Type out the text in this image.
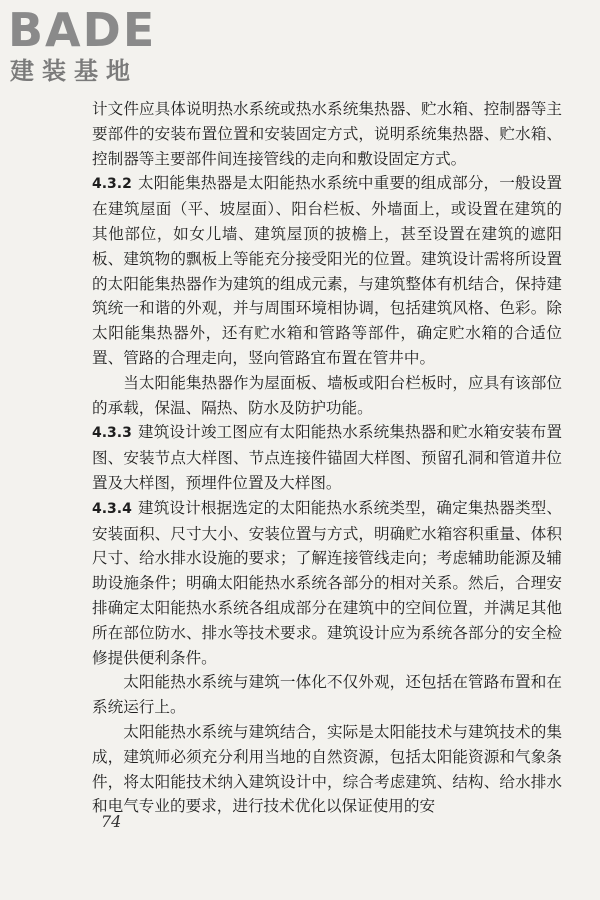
BADE
建装基地

计文件应具体说明热水系统或热水系统集热器、贮水箱、控制器等主要部件的安装布置位置和安装固定方式，说明系统集热器、贮水箱、控制器等主要部件间连接管线的走向和敷设固定方式。

4.3.2 太阳能集热器是太阳能热水系统中重要的组成部分，一般设置在建筑屋面（平、坡屋面）、阳台栏板、外墙面上，或设置在建筑的其他部位，如女儿墙、建筑屋顶的披檐上，甚至设置在建筑的遮阳板、建筑物的飘板上等能充分接受阳光的位置。建筑设计需将所设置的太阳能集热器作为建筑的组成元素，与建筑整体有机结合，保持建筑统一和谐的外观，并与周围环境相协调，包括建筑风格、色彩。除太阳能集热器外，还有贮水箱和管路等部件，确定贮水箱的合适位置、管路的合理走向，竖向管路宜布置在管井中。

当太阳能集热器作为屋面板、墙板或阳台栏板时，应具有该部位的承载，保温、隔热、防水及防护功能。

4.3.3 建筑设计竣工图应有太阳能热水系统集热器和贮水箱安装布置图、安装节点大样图、节点连接件锚固大样图、预留孔洞和管道井位置及大样图，预埋件位置及大样图。

4.3.4 建筑设计根据选定的太阳能热水系统类型，确定集热器类型、安装面积、尺寸大小、安装位置与方式，明确贮水箱容积重量、体积尺寸、给水排水设施的要求；了解连接管线走向；考虑辅助能源及辅助设施条件；明确太阳能热水系统各部分的相对关系。然后，合理安排确定太阳能热水系统各组成部分在建筑中的空间位置，并满足其他所在部位防水、排水等技术要求。建筑设计应为系统各部分的安全检修提供便利条件。

太阳能热水系统与建筑一体化不仅外观，还包括在管路布置和在系统运行上。

太阳能热水系统与建筑结合，实际是太阳能技术与建筑技术的集成，建筑师必须充分利用当地的自然资源，包括太阳能资源和气象条件，将太阳能技术纳入建筑设计中，综合考虑建筑、结构、给水排水和电气专业的要求，进行技术优化以保证使用的安

74
